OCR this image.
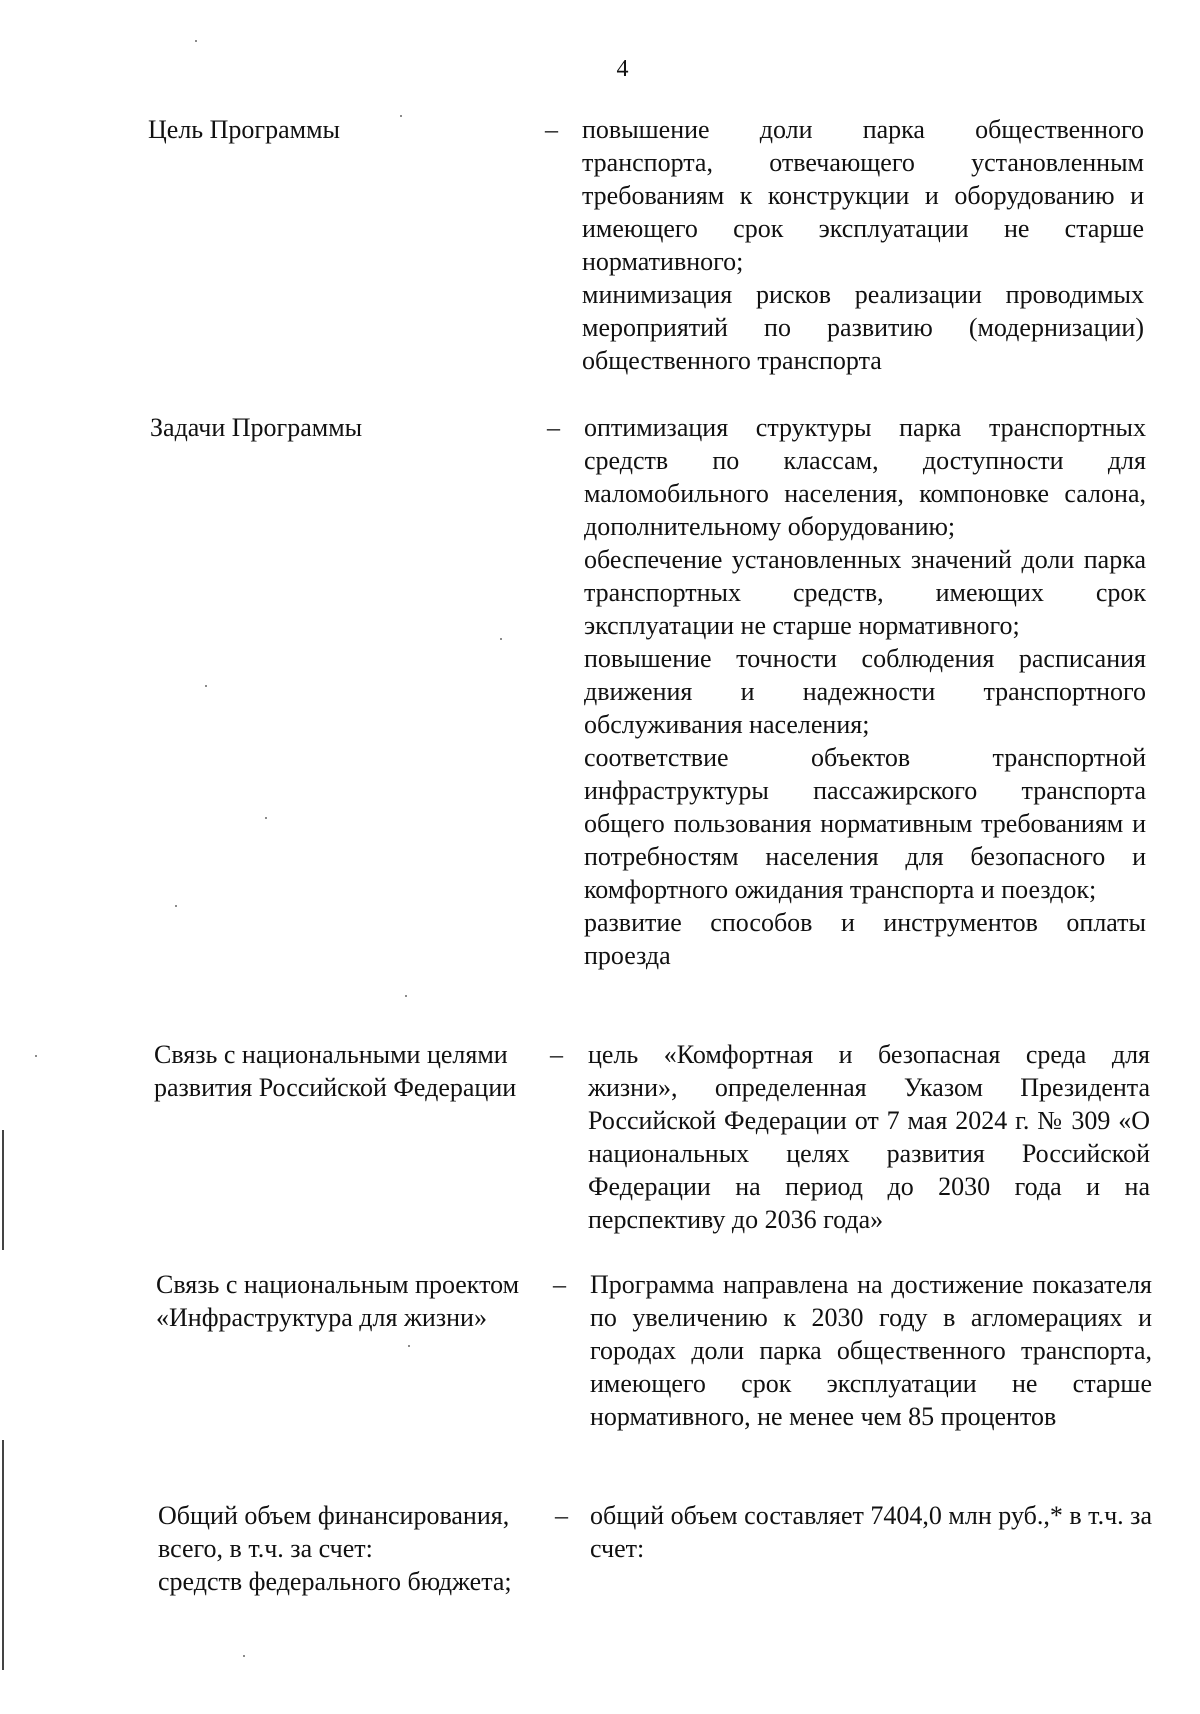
4
Цель Программы	– повышение доли парка общественного транспорта, отвечающего установленным требованиям к конструкции и оборудованию и имеющего срок эксплуатации не старше нормативного;

минимизация рисков реализации проводимых мероприятий по развитию (модернизации) общественного транспорта

Задачи Программы	– оптимизация структуры парка транспортных средств по классам, доступности для маломобильного населения, компоновке салона, дополнительному оборудованию;

обеспечение установленных значений доли парка транспортных средств, имеющих срок эксплуатации не старше нормативного;

повышение точности соблюдения расписания движения и надежности транспортного обслуживания населения;

соответствие объектов транспортной инфраструктуры пассажирского транспорта общего пользования нормативным требованиям и потребностям населения для безопасного и комфортного ожидания транспорта и поездок;

развитие способов и инструментов оплаты проезда

Связь с национальными целями развития Российской Федерации
– цель «Комфортная и безопасная среда для жизни», определенная Указом Президента Российской Федерации от 7 мая 2024 г. № 309 «О национальных целях развития Российской Федерации на период до 2030 года и на перспективу до 2036 года»

Связь с национальным проектом «Инфраструктура для жизни»
– Программа направлена на достижение показателя по увеличению к 2030 году в агломерациях и городах доли парка общественного транспорта, имеющего срок эксплуатации не старше нормативного, не менее чем 85 процентов

Общий объем финансирования,
всего, в т.ч. за счет:
средств федерального бюджета;
– общий объем составляет 7404,0 млн руб.,* в т.ч. за счет:
